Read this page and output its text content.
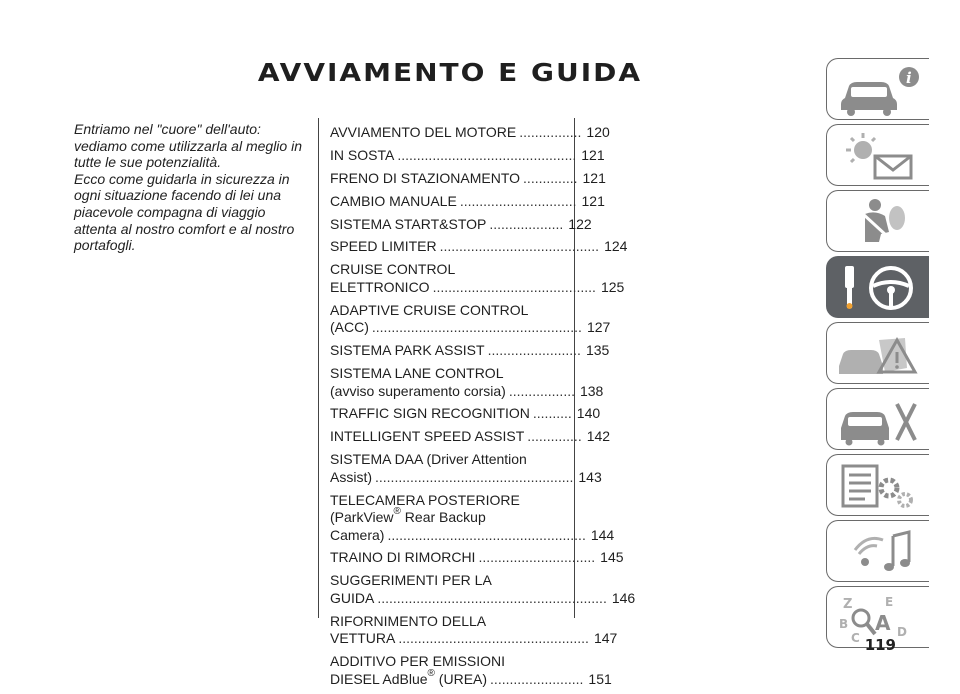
AVVIAMENTO E GUIDA

Entriamo nel "cuore" dell'auto: vediamo come utilizzarla al meglio in tutte le sue potenzialità.

Ecco come guidarla in sicurezza in ogni situazione facendo di lei una piacevole compagna di viaggio attenta al nostro comfort e al nostro portafogli.

AVVIAMENTO DEL MOTORE ................ 120
IN SOSTA .............................................. 121
FRENO DI STAZIONAMENTO .............. 121
CAMBIO MANUALE .............................. 121
SISTEMA START&STOP ................... 122
SPEED LIMITER ......................................... 124
CRUISE CONTROL
ELETTRONICO .......................................... 125
ADAPTIVE CRUISE CONTROL
(ACC) ...................................................... 127
SISTEMA PARK ASSIST ........................ 135
SISTEMA LANE CONTROL
(avviso superamento corsia) ................. 138
TRAFFIC SIGN RECOGNITION .......... 140
INTELLIGENT SPEED ASSIST .............. 142
SISTEMA DAA (Driver Attention
Assist) ................................................... 143
TELECAMERA POSTERIORE
(ParkView® Rear Backup
Camera) ................................................... 144
TRAINO DI RIMORCHI .............................. 145
SUGGERIMENTI PER LA
GUIDA ........................................................... 146
RIFORNIMENTO DELLA
VETTURA ................................................. 147
ADDITIVO PER EMISSIONI
DIESEL AdBlue® (UREA) ........................ 151
i
Z	E
B A D
C 119
